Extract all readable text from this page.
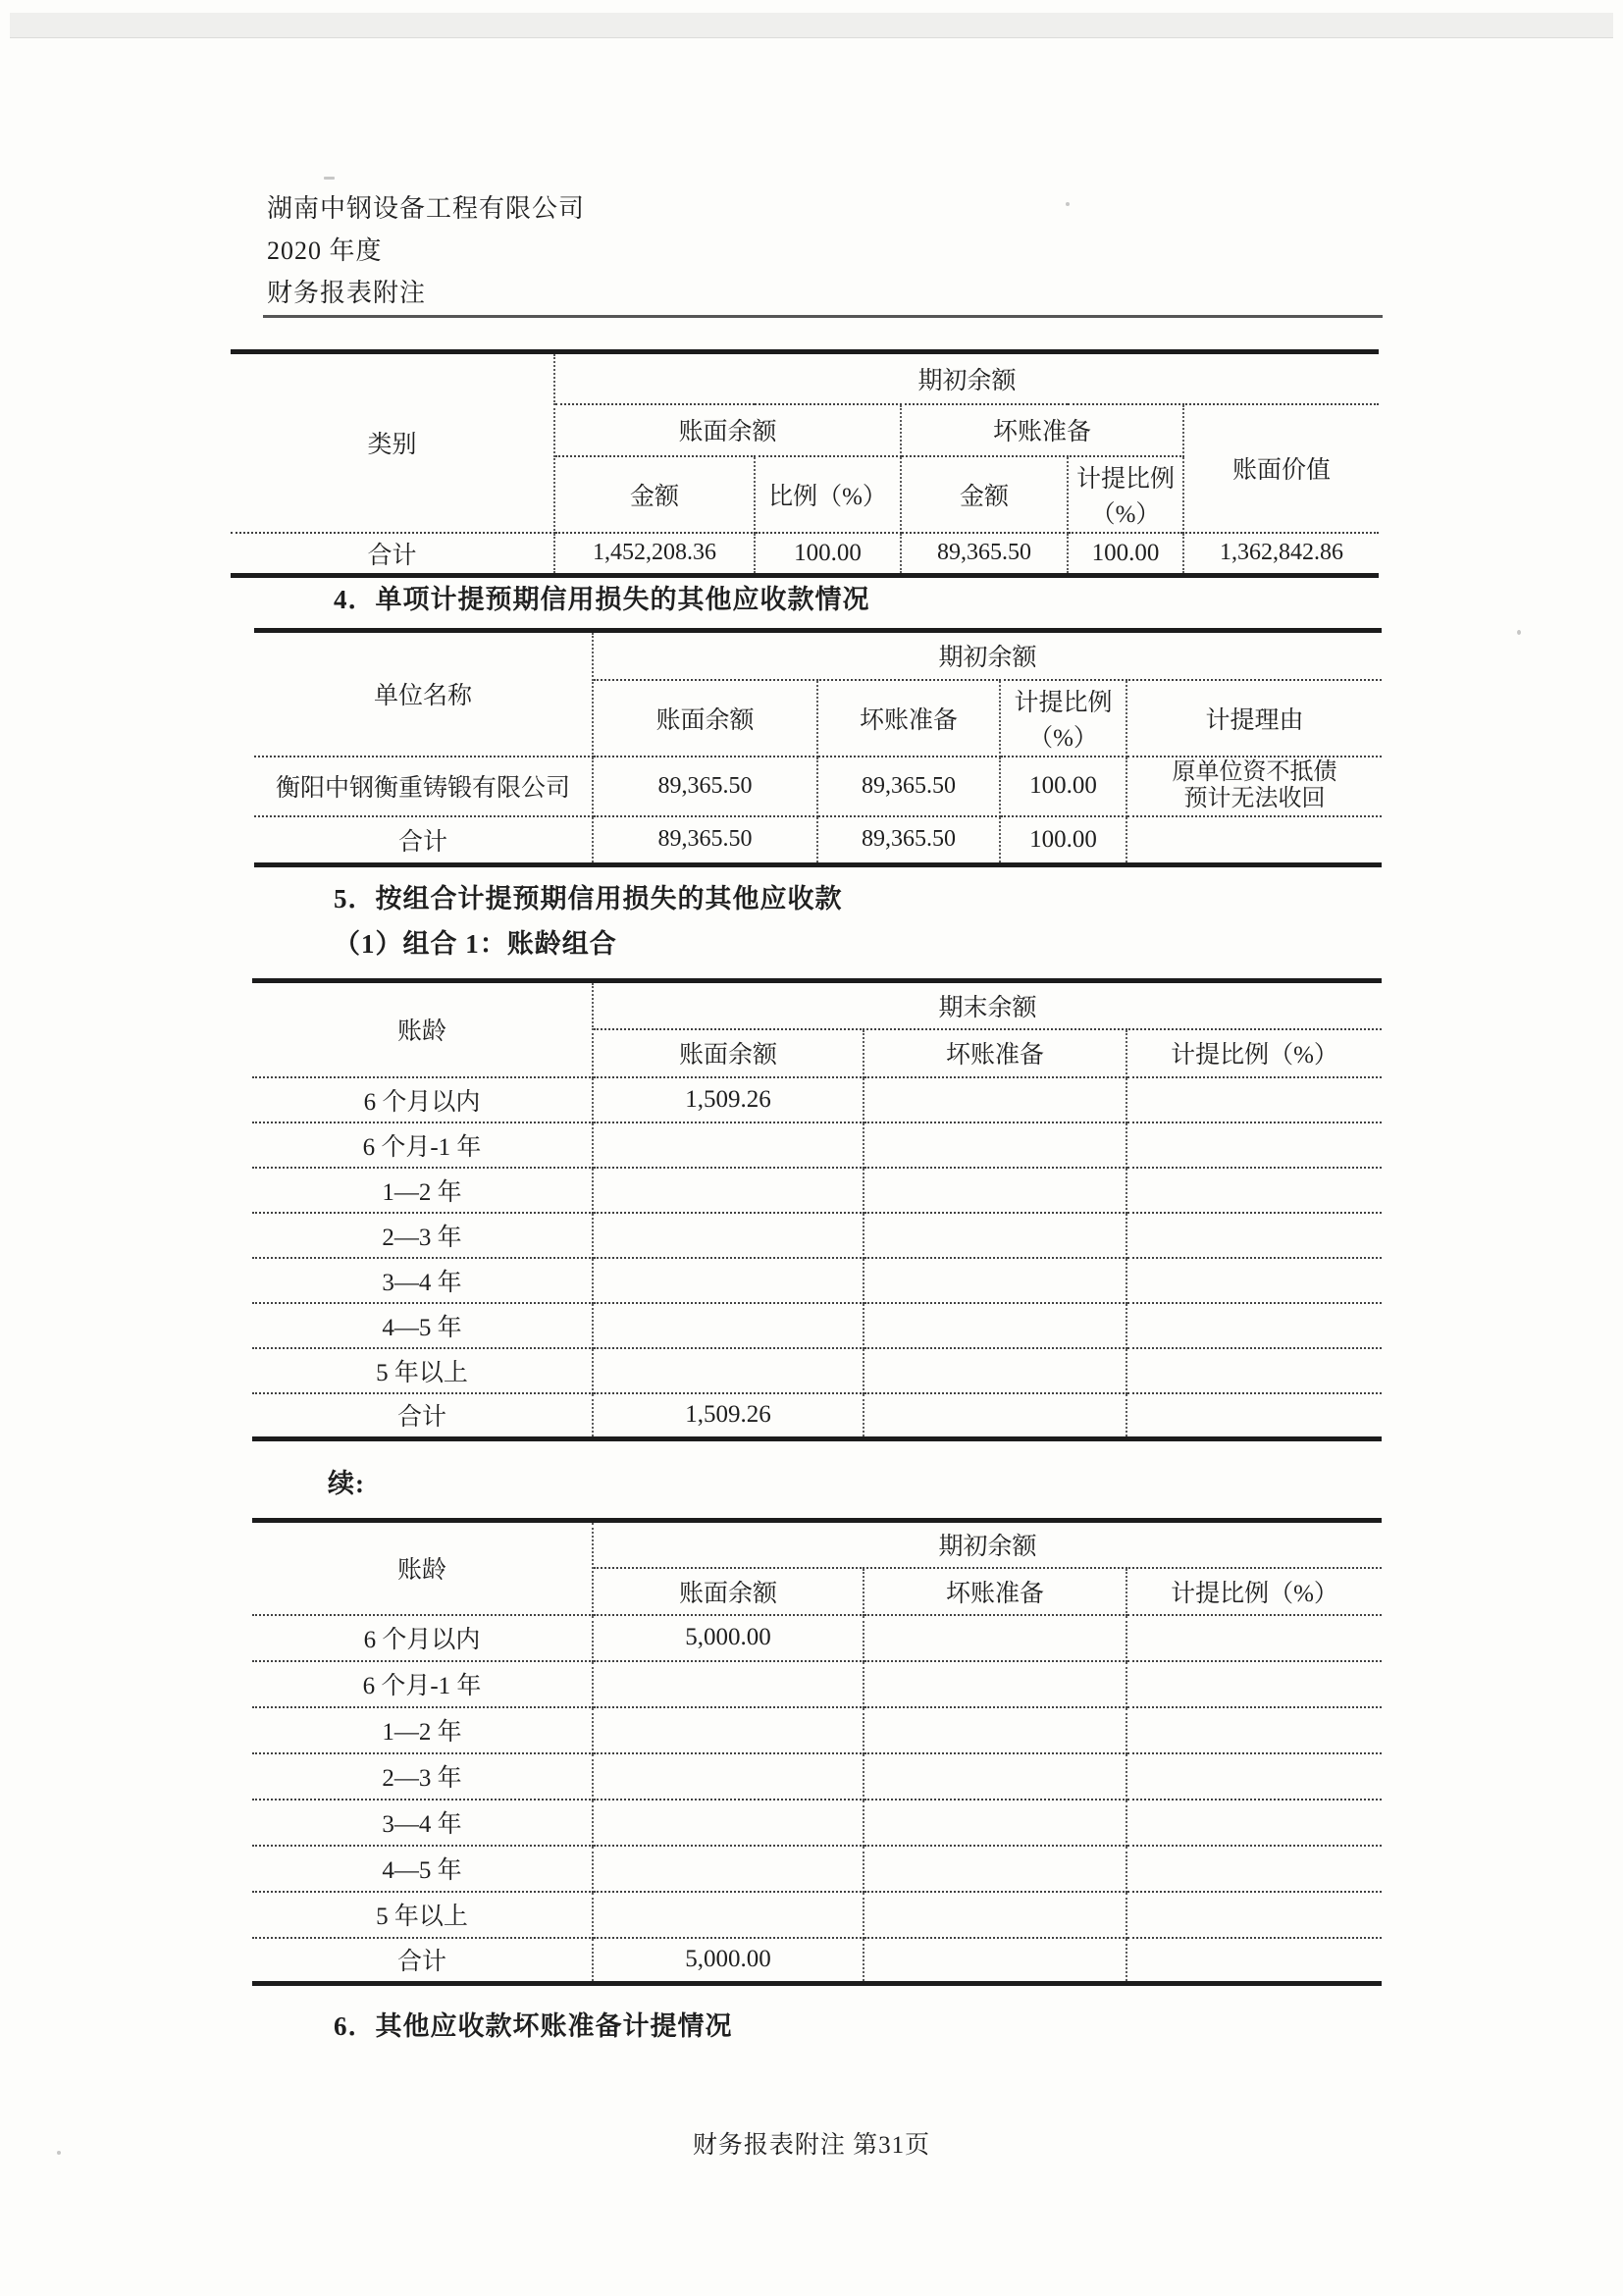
湖南中钢设备工程有限公司
2020 年度
财务报表附注
类别	期初余额				
	账面余额		坏账准备		账面价值
	金额	比例（%）	金额	计提比例（%）	
合计	1,452,208.36	100.00	89,365.50	100.00	1,362,842.86
4．单项计提预期信用损失的其他应收款情况
单位名称	期初余额			
	账面余额	坏账准备	计提比例（%）	计提理由
衡阳中钢衡重铸锻有限公司	89,365.50	89,365.50	100.00	原单位资不抵债
预计无法收回
合计	89,365.50	89,365.50	100.00	
5．按组合计提预期信用损失的其他应收款
（1）组合 1：账龄组合
账龄	期末余额		
	账面余额	坏账准备	计提比例（%）
6 个月以内	1,509.26		
6 个月-1 年			
1—2 年			
2—3 年			
3—4 年			
4—5 年			
5 年以上			
合计	1,509.26		
续:
账龄	期初余额		
	账面余额	坏账准备	计提比例（%）
6 个月以内	5,000.00		
6 个月-1 年			
1—2 年			
2—3 年			
3—4 年			
4—5 年			
5 年以上			
合计	5,000.00		
6．其他应收款坏账准备计提情况
财务报表附注 第31页
